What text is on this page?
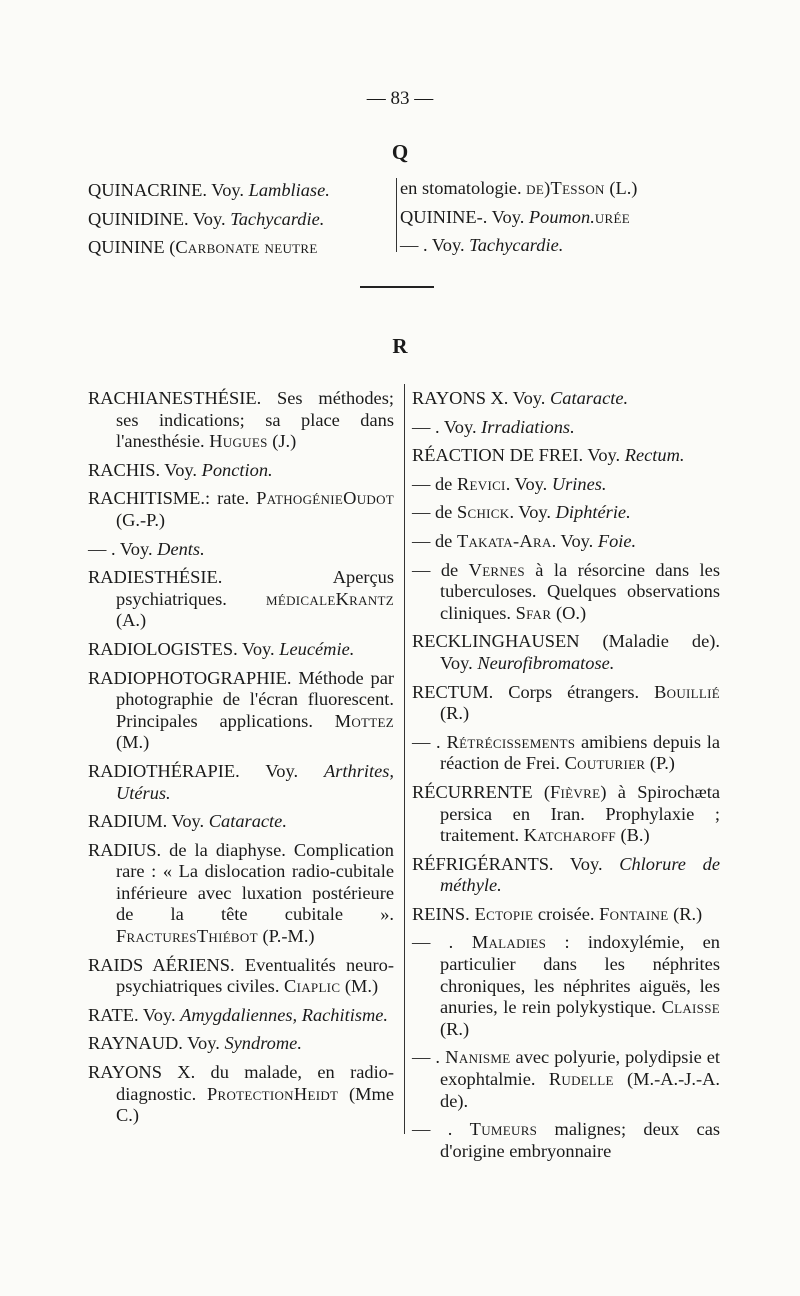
— 83 —
Q
R
QUINACRINE. Voy. Lambliase.
QUINIDINE. Voy. Tachycardie.
QUININE (Carbonate neutre
en stomatologie. de)Tesson (L.)
QUININE-. Voy. Poumon.urée
— . Voy. Tachycardie.
RACHIANESTHÉSIE. Ses méthodes; ses indications; sa place dans l'anesthésie. Hugues (J.)
RACHIS. Voy. Ponction.
RACHITISME.: rate. PathogénieOudot (G.-P.)
— . Voy. Dents.
RADIESTHÉSIE. Aperçus psychiatriques. médicaleKrantz (A.)
RADIOLOGISTES. Voy. Leucémie.
RADIOPHOTOGRAPHIE. Méthode par photographie de l'écran fluorescent. Principales applications. Mottez (M.)
RADIOTHÉRAPIE. Voy. Arthrites, Utérus.
RADIUM. Voy. Cataracte.
RADIUS. de la diaphyse. Complication rare : « La dislocation radio-cubitale inférieure avec luxation postérieure de la tête cubitale ». FracturesThiébot (P.-M.)
RAIDS AÉRIENS. Eventualités neuro-psychiatriques civiles. Ciaplic (M.)
RATE. Voy. Amygdaliennes, Rachitisme.
RAYNAUD. Voy. Syndrome.
RAYONS X. du malade, en radio-diagnostic. ProtectionHeidt (Mme C.)
RAYONS X. Voy. Cataracte.
— . Voy. Irradiations.
RÉACTION DE FREI. Voy. Rectum.
— de Revici. Voy. Urines.
— de Schick. Voy. Diphtérie.
— de Takata-Ara. Voy. Foie.
— de Vernes à la résorcine dans les tuberculoses. Quelques observations cliniques. Sfar (O.)
RECKLINGHAUSEN (Maladie de). Voy. Neurofibromatose.
RECTUM. Corps étrangers. Bouillié (R.)
— . Rétrécissements amibiens depuis la réaction de Frei. Couturier (P.)
RÉCURRENTE (Fièvre) à Spirochæta persica en Iran. Prophylaxie ; traitement. Katcharoff (B.)
RÉFRIGÉRANTS. Voy. Chlorure de méthyle.
REINS. Ectopie croisée. Fontaine (R.)
— . Maladies : indoxylémie, en particulier dans les néphrites chroniques, les néphrites aiguës, les anuries, le rein polykystique. Claisse (R.)
— . Nanisme avec polyurie, polydipsie et exophtalmie. Rudelle (M.-A.-J.-A. de).
— . Tumeurs malignes; deux cas d'origine embryonnaire
